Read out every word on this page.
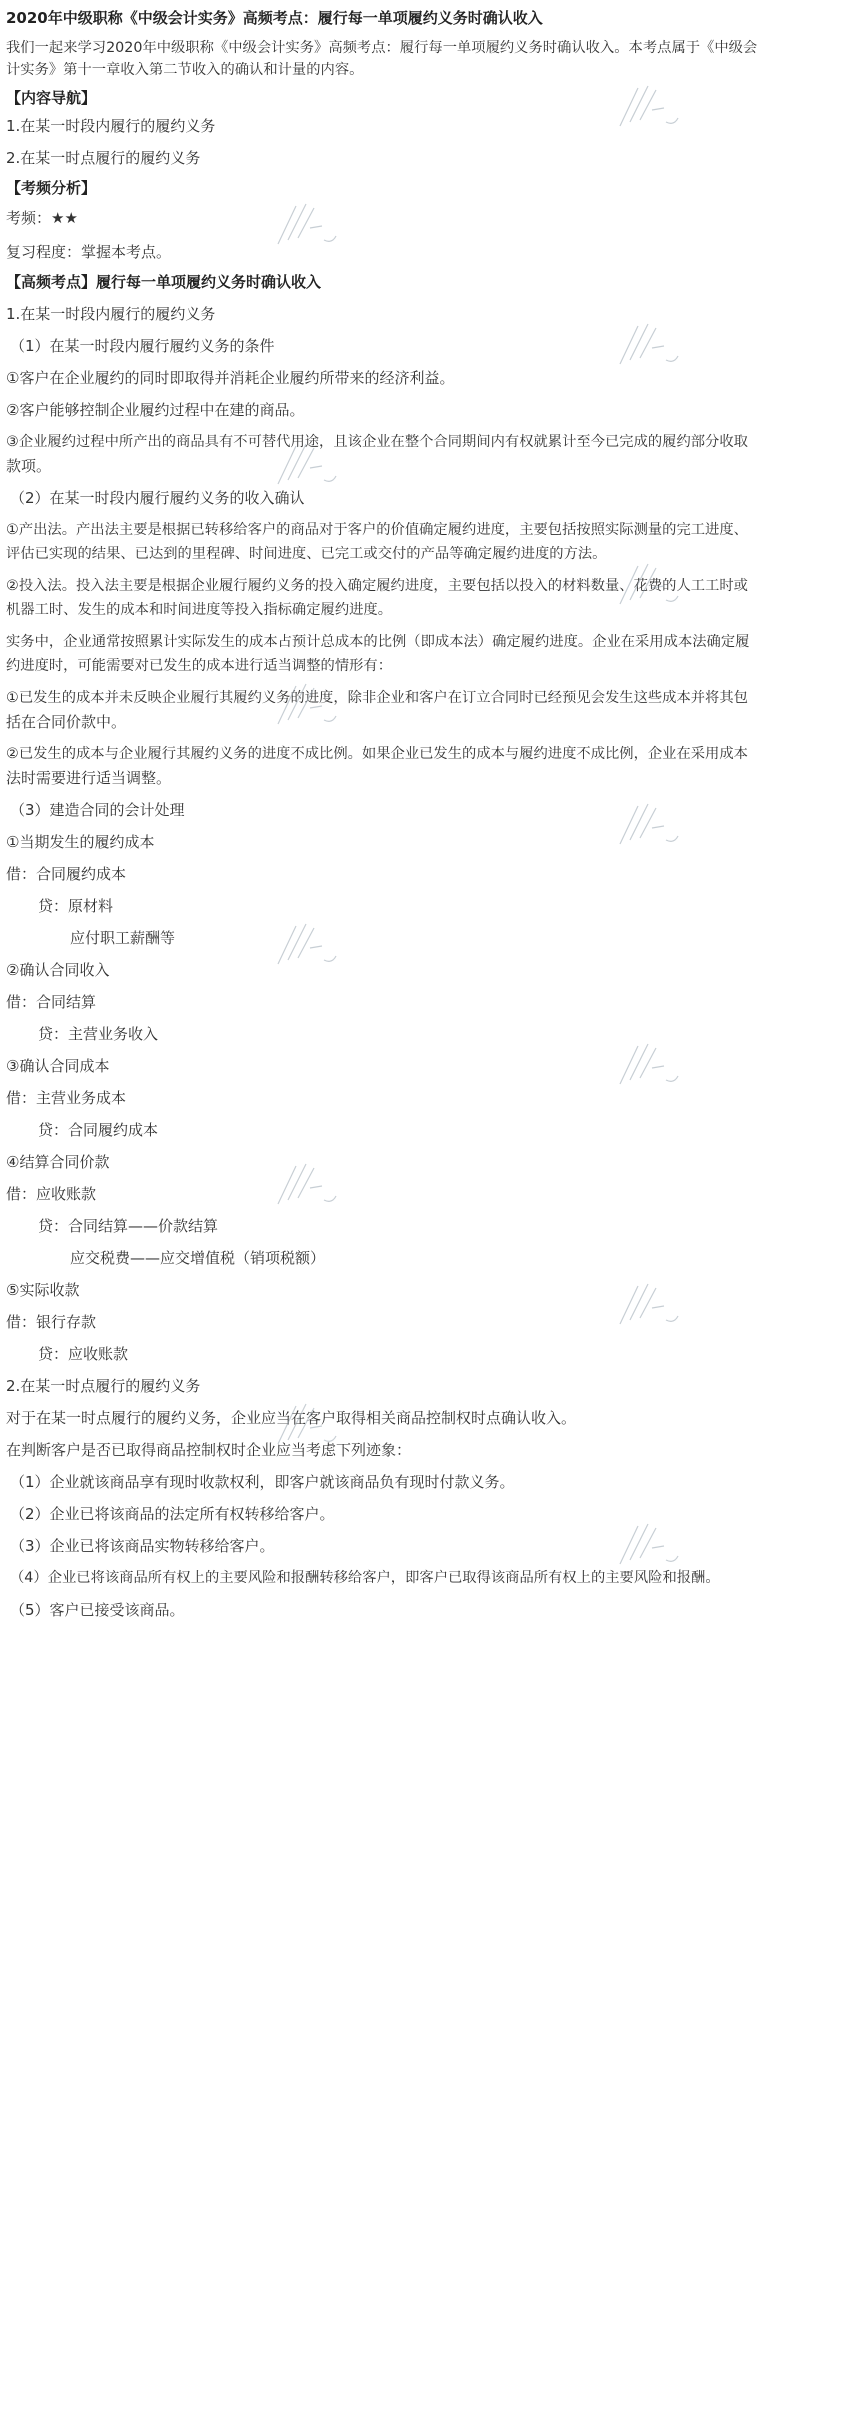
2020年中级职称《中级会计实务》高频考点：履行每一单项履约义务时确认收入
我们一起来学习2020年中级职称《中级会计实务》高频考点：履行每一单项履约义务时确认收入。本考点属于《中级会
计实务》第十一章收入第二节收入的确认和计量的内容。
【内容导航】
1.在某一时段内履行的履约义务
2.在某一时点履行的履约义务
【考频分析】
考频：★★
复习程度：掌握本考点。
【高频考点】履行每一单项履约义务时确认收入
1.在某一时段内履行的履约义务
（1）在某一时段内履行履约义务的条件
①客户在企业履约的同时即取得并消耗企业履约所带来的经济利益。
②客户能够控制企业履约过程中在建的商品。
③企业履约过程中所产出的商品具有不可替代用途，且该企业在整个合同期间内有权就累计至今已完成的履约部分收取
款项。
（2）在某一时段内履行履约义务的收入确认
①产出法。产出法主要是根据已转移给客户的商品对于客户的价值确定履约进度，主要包括按照实际测量的完工进度、
评估已实现的结果、已达到的里程碑、时间进度、已完工或交付的产品等确定履约进度的方法。
②投入法。投入法主要是根据企业履行履约义务的投入确定履约进度，主要包括以投入的材料数量、花费的人工工时或
机器工时、发生的成本和时间进度等投入指标确定履约进度。
实务中，企业通常按照累计实际发生的成本占预计总成本的比例（即成本法）确定履约进度。企业在采用成本法确定履
约进度时，可能需要对已发生的成本进行适当调整的情形有：
①已发生的成本并未反映企业履行其履约义务的进度，除非企业和客户在订立合同时已经预见会发生这些成本并将其包
括在合同价款中。
②已发生的成本与企业履行其履约义务的进度不成比例。如果企业已发生的成本与履约进度不成比例，企业在采用成本
法时需要进行适当调整。
（3）建造合同的会计处理
①当期发生的履约成本
借：合同履约成本
贷：原材料
应付职工薪酬等
②确认合同收入
借：合同结算
贷：主营业务收入
③确认合同成本
借：主营业务成本
贷：合同履约成本
④结算合同价款
借：应收账款
贷：合同结算——价款结算
应交税费——应交增值税（销项税额）
⑤实际收款
借：银行存款
贷：应收账款
2.在某一时点履行的履约义务
对于在某一时点履行的履约义务，企业应当在客户取得相关商品控制权时点确认收入。
在判断客户是否已取得商品控制权时企业应当考虑下列迹象：
（1）企业就该商品享有现时收款权利，即客户就该商品负有现时付款义务。
（2）企业已将该商品的法定所有权转移给客户。
（3）企业已将该商品实物转移给客户。
（4）企业已将该商品所有权上的主要风险和报酬转移给客户，即客户已取得该商品所有权上的主要风险和报酬。
（5）客户已接受该商品。
